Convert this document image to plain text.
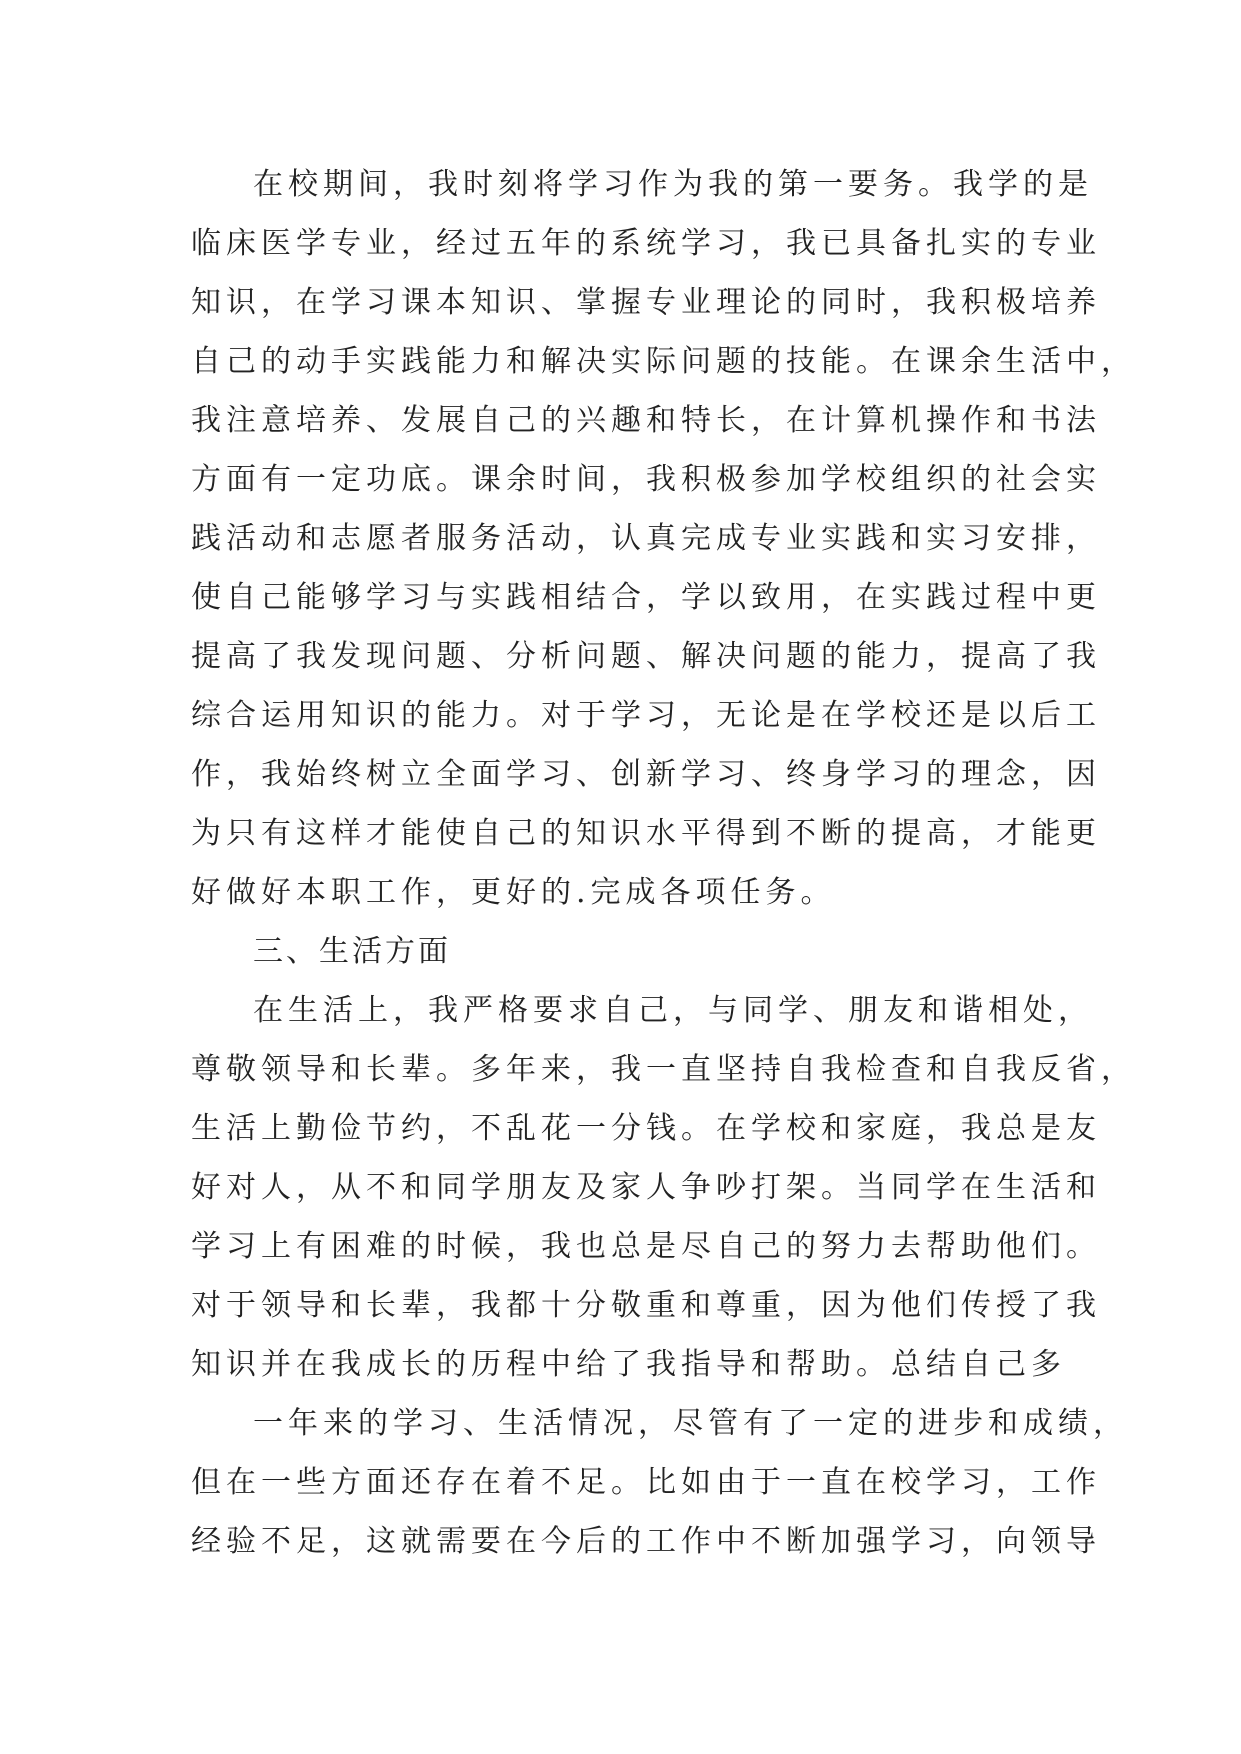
在校期间，我时刻将学习作为我的第一要务。我学的是
临床医学专业，经过五年的系统学习，我已具备扎实的专业
知识，在学习课本知识、掌握专业理论的同时，我积极培养
自己的动手实践能力和解决实际问题的技能。在课余生活中，
我注意培养、发展自己的兴趣和特长，在计算机操作和书法
方面有一定功底。课余时间，我积极参加学校组织的社会实
践活动和志愿者服务活动，认真完成专业实践和实习安排，
使自己能够学习与实践相结合，学以致用，在实践过程中更
提高了我发现问题、分析问题、解决问题的能力，提高了我
综合运用知识的能力。对于学习，无论是在学校还是以后工
作，我始终树立全面学习、创新学习、终身学习的理念，因
为只有这样才能使自己的知识水平得到不断的提高，才能更
好做好本职工作，更好的.完成各项任务。
三、生活方面
在生活上，我严格要求自己，与同学、朋友和谐相处，
尊敬领导和长辈。多年来，我一直坚持自我检查和自我反省，
生活上勤俭节约，不乱花一分钱。在学校和家庭，我总是友
好对人，从不和同学朋友及家人争吵打架。当同学在生活和
学习上有困难的时候，我也总是尽自己的努力去帮助他们。
对于领导和长辈，我都十分敬重和尊重，因为他们传授了我
知识并在我成长的历程中给了我指导和帮助。总结自己多
一年来的学习、生活情况，尽管有了一定的进步和成绩，
但在一些方面还存在着不足。比如由于一直在校学习，工作
经验不足，这就需要在今后的工作中不断加强学习，向领导
